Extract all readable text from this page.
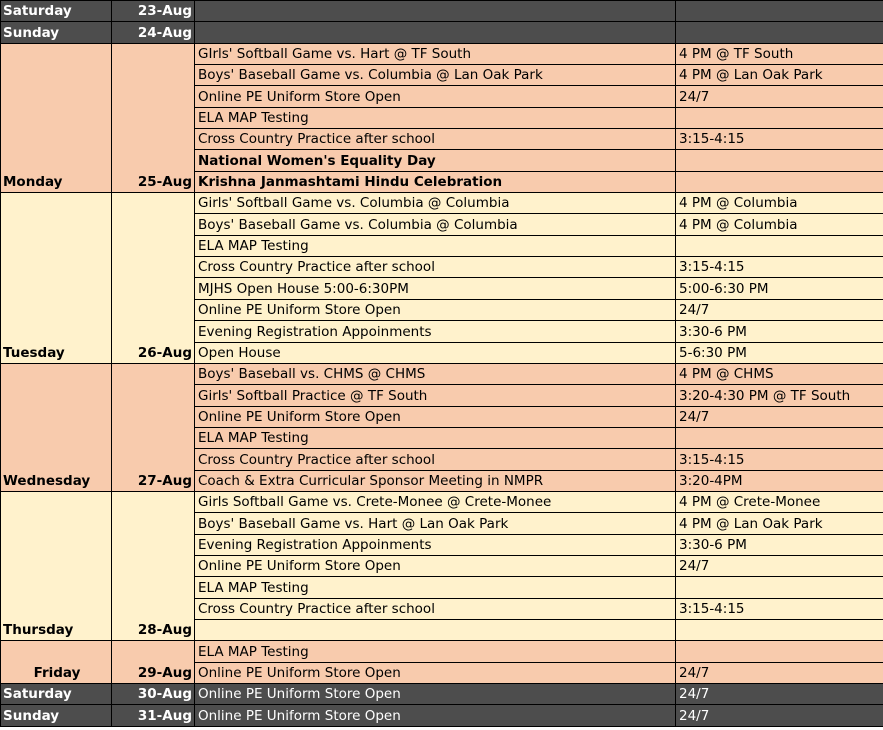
Saturday	23-Aug		
Sunday	24-Aug		
Monday	25-Aug	GIrls' Softball Game vs. Hart @ TF South	4 PM @ TF South
		Boys' Baseball Game vs. Columbia @ Lan Oak Park	4 PM @ Lan Oak Park
		Online PE Uniform Store Open	24/7
		ELA MAP Testing	
		Cross Country Practice after school	3:15-4:15
		National Women's Equality Day	
		Krishna Janmashtami Hindu Celebration	
Tuesday	26-Aug	Girls' Softball Game vs. Columbia @ Columbia	4 PM @ Columbia
		Boys' Baseball Game vs. Columbia @ Columbia	4 PM @ Columbia
		ELA MAP Testing	
		Cross Country Practice after school	3:15-4:15
		MJHS Open House 5:00-6:30PM	5:00-6:30 PM
		Online PE Uniform Store Open	24/7
		Evening Registration Appoinments	3:30-6 PM
		Open House	5-6:30 PM
Wednesday	27-Aug	Boys' Baseball vs. CHMS @ CHMS	4 PM @ CHMS
		Girls' Softball Practice @ TF South	3:20-4:30 PM @ TF South
		Online PE Uniform Store Open	24/7
		ELA MAP Testing	
		Cross Country Practice after school	3:15-4:15
		Coach & Extra Curricular Sponsor Meeting in NMPR	3:20-4PM
Thursday	28-Aug	Girls Softball Game vs. Crete-Monee @ Crete-Monee	4 PM @ Crete-Monee
		Boys' Baseball Game vs. Hart @ Lan Oak Park	4 PM @ Lan Oak Park
		Evening Registration Appoinments	3:30-6 PM
		Online PE Uniform Store Open	24/7
		ELA MAP Testing	
		Cross Country Practice after school	3:15-4:15

Friday	29-Aug	ELA MAP Testing	
		Online PE Uniform Store Open	24/7
Saturday	30-Aug	Online PE Uniform Store Open	24/7
Sunday	31-Aug	Online PE Uniform Store Open	24/7
